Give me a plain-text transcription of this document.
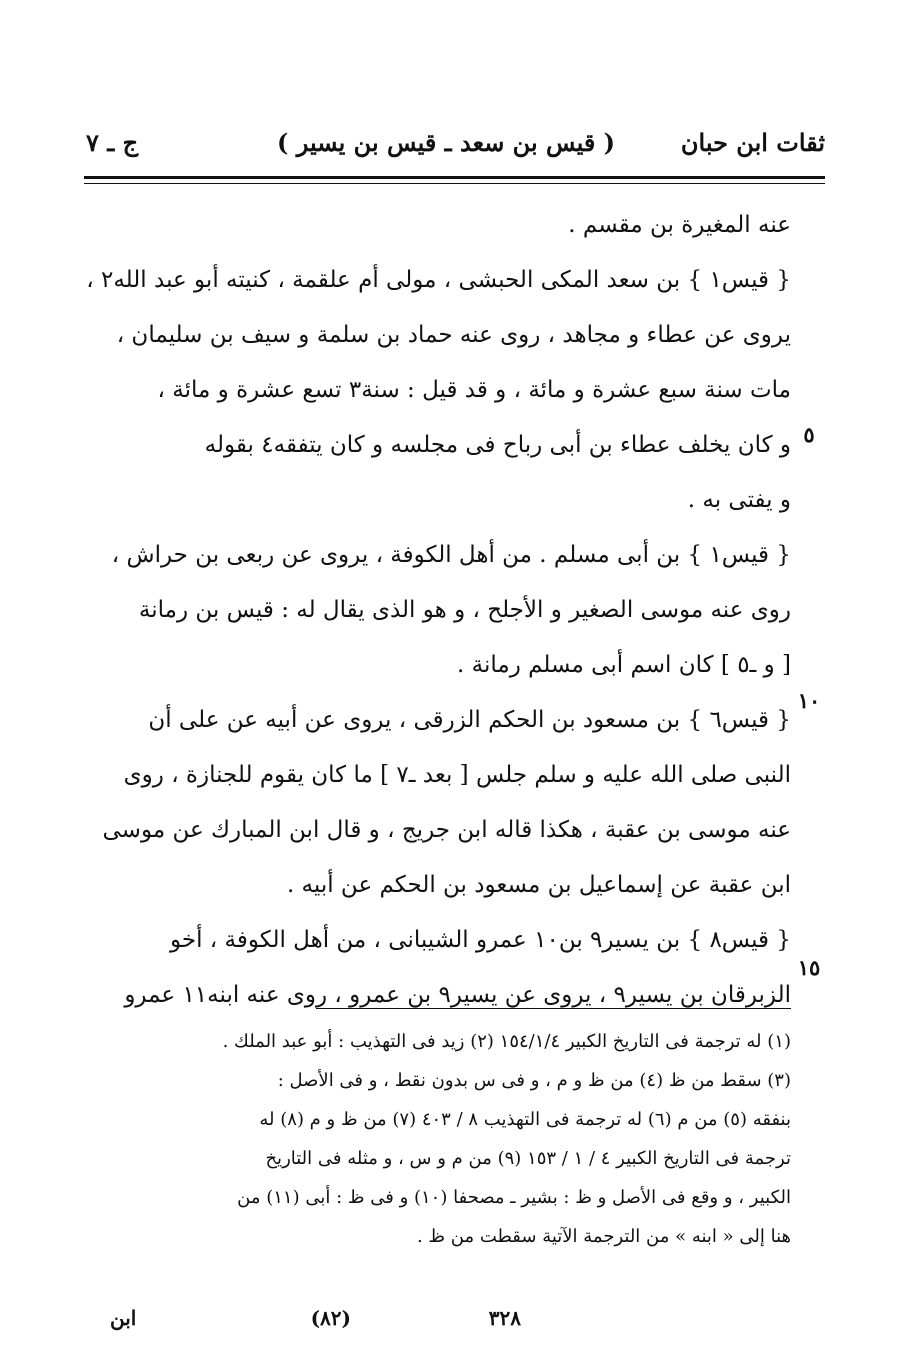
ثقات ابن حبان
( قيس بن سعد ـ قيس بن يسير )
ج ـ ٧
عنه المغيرة بن مقسم .
{ قيس١ } بن سعد المكى الحبشى ، مولى أم علقمة ، كنيته أبو عبد الله٢ ،
يروى عن عطاء و مجاهد ، روى عنه حماد بن سلمة و سيف بن سليمان ،
مات سنة سبع عشرة و مائة ، و قد قيل : سنة٣ تسع عشرة و مائة ،
و كان يخلف عطاء بن أبى رباح فى مجلسه و كان يتفقه٤ بقوله
و يفتى به .
{ قيس١ } بن أبى مسلم . من أهل الكوفة ، يروى عن ربعى بن حراش ،
روى عنه موسى الصغير و الأجلح ، و هو الذى يقال له : قيس بن رمانة
[ و ـ٥ ] كان اسم أبى مسلم رمانة .
{ قيس٦ } بن مسعود بن الحكم الزرقى ، يروى عن أبيه عن على أن
النبى صلى الله عليه و سلم جلس [ بعد ـ٧ ] ما كان يقوم للجنازة ، روى
عنه موسى بن عقبة ، هكذا قاله ابن جريج ، و قال ابن المبارك عن موسى
ابن عقبة عن إسماعيل بن مسعود بن الحكم عن أبيه .
{ قيس٨ } بن يسير٩ بن١٠ عمرو الشيبانى ، من أهل الكوفة ، أخو
الزبرقان بن يسير٩ ، يروى عن يسير٩ بن عمرو ، روى عنه ابنه١١ عمرو
٥
١٠
١٥
(١) له ترجمة فى التاريخ الكبير ١٥٤/١/٤ (٢) زيد فى التهذيب : أبو عبد الملك .
(٣) سقط من ظ (٤) من ظ و م ، و فى س بدون نقط ، و فى الأصل :
بنفقه (٥) من م (٦) له ترجمة فى التهذيب ٨ / ٤٠٣ (٧) من ظ و م (٨) له
ترجمة فى التاريخ الكبير ٤ / ١ / ١٥٣ (٩) من م و س ، و مثله فى التاريخ
الكبير ، و وقع فى الأصل و ظ : بشير ـ مصحفا (١٠) و فى ظ : أبى (١١) من
هنا إلى « ابنه » من الترجمة الآتية سقطت من ظ .
٣٢٨
(٨٢)
ابن
